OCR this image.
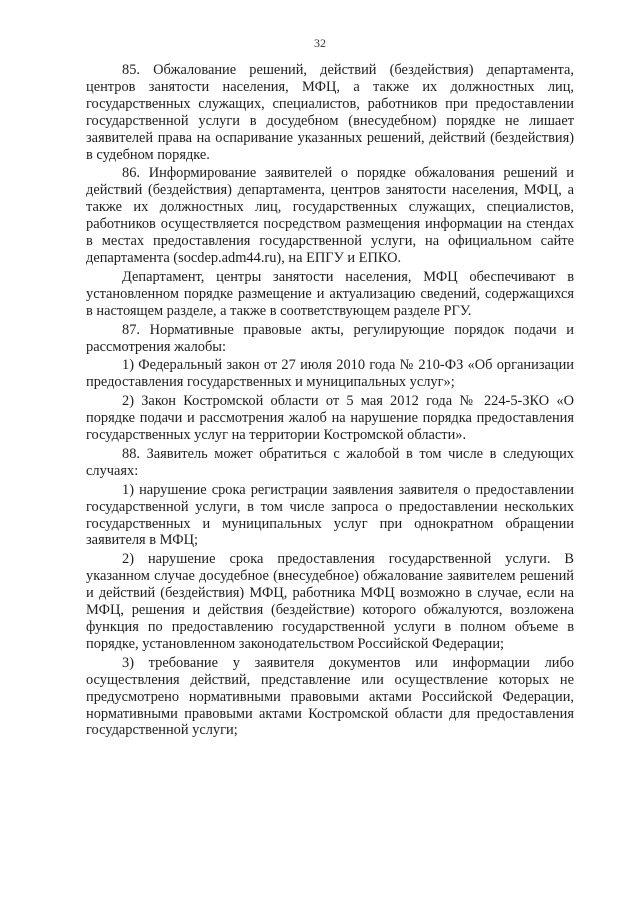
32

85. Обжалование решений, действий (бездействия) департамента, центров занятости населения, МФЦ, а также их должностных лиц, государственных служащих, специалистов, работников при предоставлении государственной услуги в досудебном (внесудебном) порядке не лишает заявителей права на оспаривание указанных решений, действий (бездействия) в судебном порядке.

86. Информирование заявителей о порядке обжалования решений и действий (бездействия) департамента, центров занятости населения, МФЦ, а также их должностных лиц, государственных служащих, специалистов, работников осуществляется посредством размещения информации на стендах в местах предоставления государственной услуги, на официальном сайте департамента (socdep.adm44.ru), на ЕПГУ и ЕПКО.

Департамент, центры занятости населения, МФЦ обеспечивают в установленном порядке размещение и актуализацию сведений, содержащихся в настоящем разделе, а также в соответствующем разделе РГУ.

87. Нормативные правовые акты, регулирующие порядок подачи и рассмотрения жалобы:

1) Федеральный закон от 27 июля 2010 года № 210-ФЗ «Об организации предоставления государственных и муниципальных услуг»;

2) Закон Костромской области от 5 мая 2012 года № 224-5-ЗКО «О порядке подачи и рассмотрения жалоб на нарушение порядка предоставления государственных услуг на территории Костромской области».

88. Заявитель может обратиться с жалобой в том числе в следующих случаях:

1) нарушение срока регистрации заявления заявителя о предоставлении государственной услуги, в том числе запроса о предоставлении нескольких государственных и муниципальных услуг при однократном обращении заявителя в МФЦ;

2) нарушение срока предоставления государственной услуги. В указанном случае досудебное (внесудебное) обжалование заявителем решений и действий (бездействия) МФЦ, работника МФЦ возможно в случае, если на МФЦ, решения и действия (бездействие) которого обжалуются, возложена функция по предоставлению государственной услуги в полном объеме в порядке, установленном законодательством Российской Федерации;

3) требование у заявителя документов или информации либо осуществления действий, представление или осуществление которых не предусмотрено нормативными правовыми актами Российской Федерации, нормативными правовыми актами Костромской области для предоставления государственной услуги;
